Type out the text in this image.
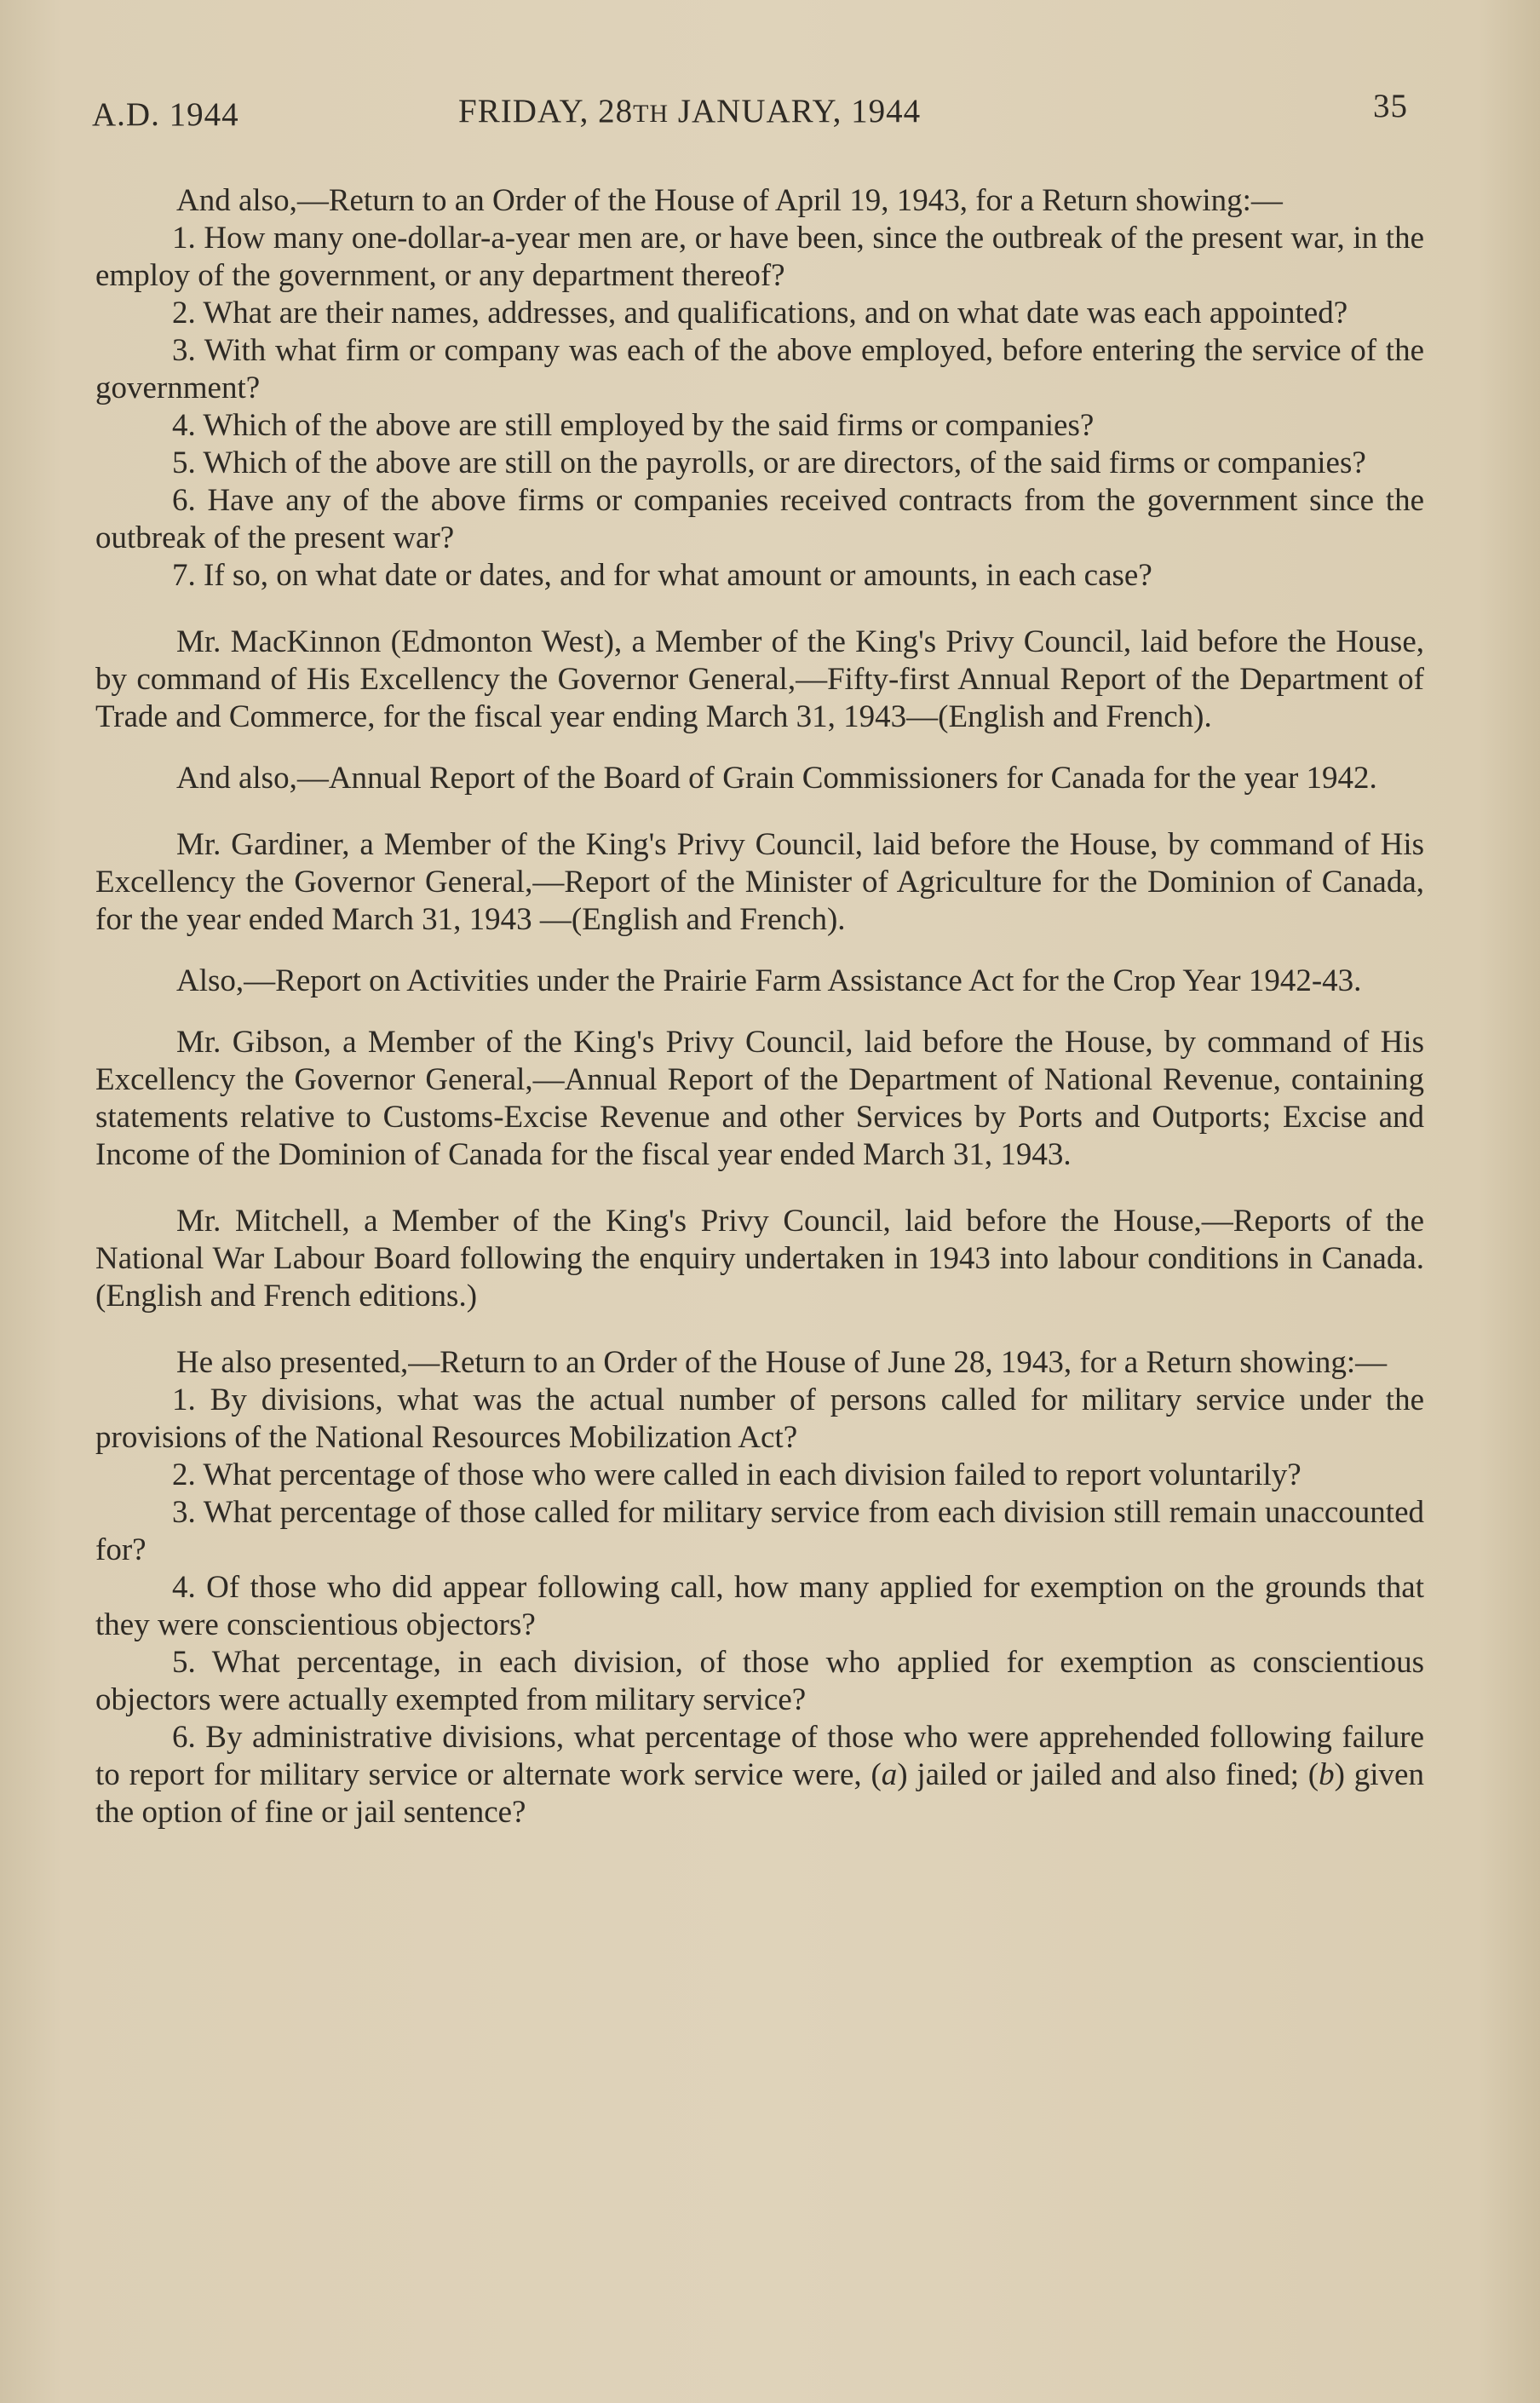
A.D. 1944	FRIDAY, 28TH JANUARY, 1944	35

And also,—Return to an Order of the House of April 19, 1943, for a Return showing:—

1. How many one-dollar-a-year men are, or have been, since the outbreak of the present war, in the employ of the government, or any department thereof?

2. What are their names, addresses, and qualifications, and on what date was each appointed?

3. With what firm or company was each of the above employed, before entering the service of the government?

4. Which of the above are still employed by the said firms or companies?

5. Which of the above are still on the payrolls, or are directors, of the said firms or companies?

6. Have any of the above firms or companies received contracts from the government since the outbreak of the present war?

7. If so, on what date or dates, and for what amount or amounts, in each case?

Mr. MacKinnon (Edmonton West), a Member of the King's Privy Council, laid before the House, by command of His Excellency the Governor General,—Fifty-first Annual Report of the Department of Trade and Commerce, for the fiscal year ending March 31, 1943—(English and French).

And also,—Annual Report of the Board of Grain Commissioners for Canada for the year 1942.

Mr. Gardiner, a Member of the King's Privy Council, laid before the House, by command of His Excellency the Governor General,—Report of the Minister of Agriculture for the Dominion of Canada, for the year ended March 31, 1943 —(English and French).

Also,—Report on Activities under the Prairie Farm Assistance Act for the Crop Year 1942-43.

Mr. Gibson, a Member of the King's Privy Council, laid before the House, by command of His Excellency the Governor General,—Annual Report of the Department of National Revenue, containing statements relative to Customs-Excise Revenue and other Services by Ports and Outports; Excise and Income of the Dominion of Canada for the fiscal year ended March 31, 1943.

Mr. Mitchell, a Member of the King's Privy Council, laid before the House,—Reports of the National War Labour Board following the enquiry undertaken in 1943 into labour conditions in Canada. (English and French editions.)

He also presented,—Return to an Order of the House of June 28, 1943, for a Return showing:—

1. By divisions, what was the actual number of persons called for military service under the provisions of the National Resources Mobilization Act?

2. What percentage of those who were called in each division failed to report voluntarily?

3. What percentage of those called for military service from each division still remain unaccounted for?

4. Of those who did appear following call, how many applied for exemption on the grounds that they were conscientious objectors?

5. What percentage, in each division, of those who applied for exemption as conscientious objectors were actually exempted from military service?

6. By administrative divisions, what percentage of those who were apprehended following failure to report for military service or alternate work service were, (a) jailed or jailed and also fined; (b) given the option of fine or jail sentence?
